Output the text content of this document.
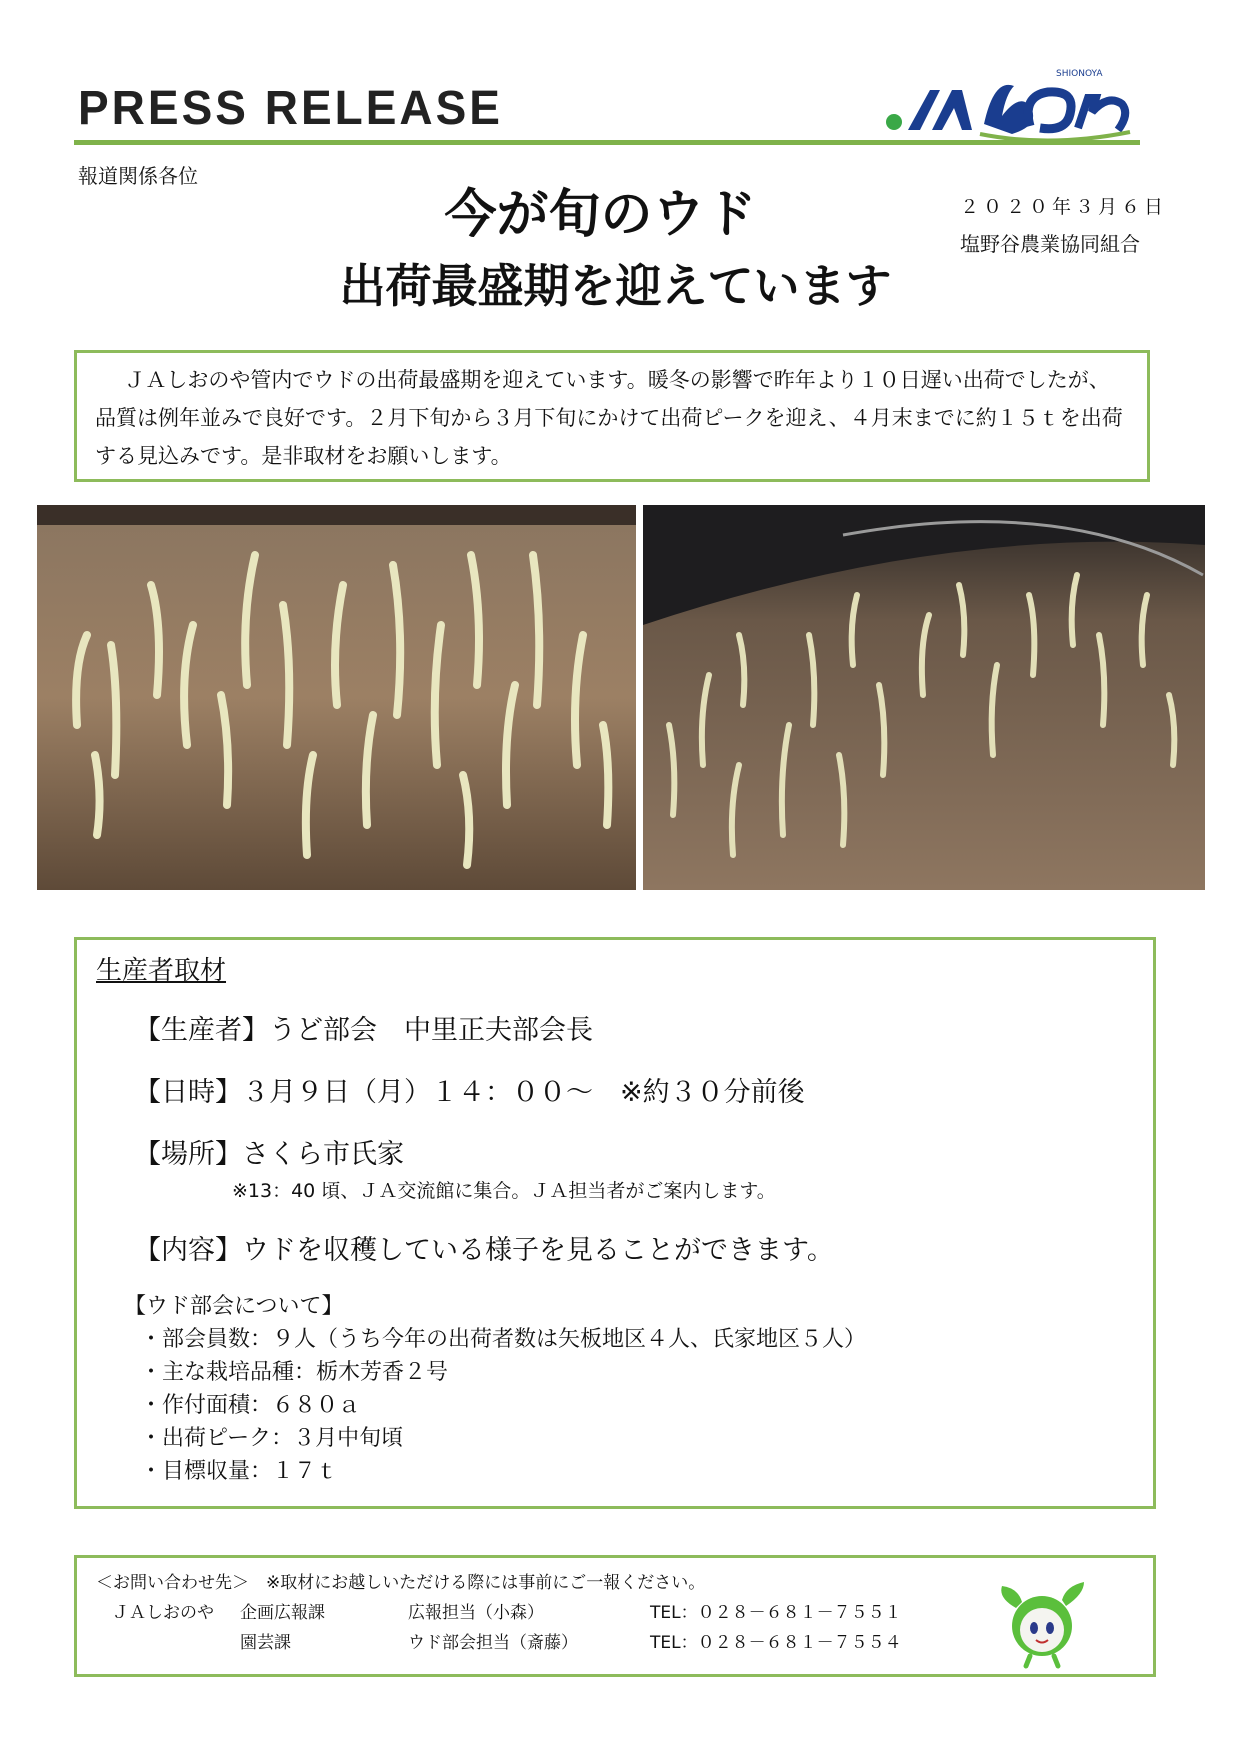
PRESS RELEASE
SHIONOYA
報道関係各位
２０２０年３月６日
塩野谷農業協同組合
今が旬のウド
出荷最盛期を迎えています

ＪＡしおのや管内でウドの出荷最盛期を迎えています。暖冬の影響で昨年より１０日遅い出荷でしたが、品質は例年並みで良好です。２月下旬から３月下旬にかけて出荷ピークを迎え、４月末までに約１５ｔを出荷する見込みです。是非取材をお願いします。

生産者取材
【生産者】うど部会　中里正夫部会長
【日時】３月９日（月）１４：００～　※約３０分前後
【場所】さくら市氏家
※13：40 頃、ＪＡ交流館に集合。ＪＡ担当者がご案内します。
【内容】ウドを収穫している様子を見ることができます。
【ウド部会について】
・部会員数：９人（うち今年の出荷者数は矢板地区４人、氏家地区５人）
・主な栽培品種：栃木芳香２号
・作付面積：６８０ａ
・出荷ピーク：３月中旬頃
・目標収量：１７ｔ
＜お問い合わせ先＞　※取材にお越しいただける際には事前にご一報ください。
ＪＡしおのや 企画広報課	広報担当（小森）	TEL：０２８－６８１－７５５１
園芸課	ウド部会担当（斎藤）	TEL：０２８－６８１－７５５４
